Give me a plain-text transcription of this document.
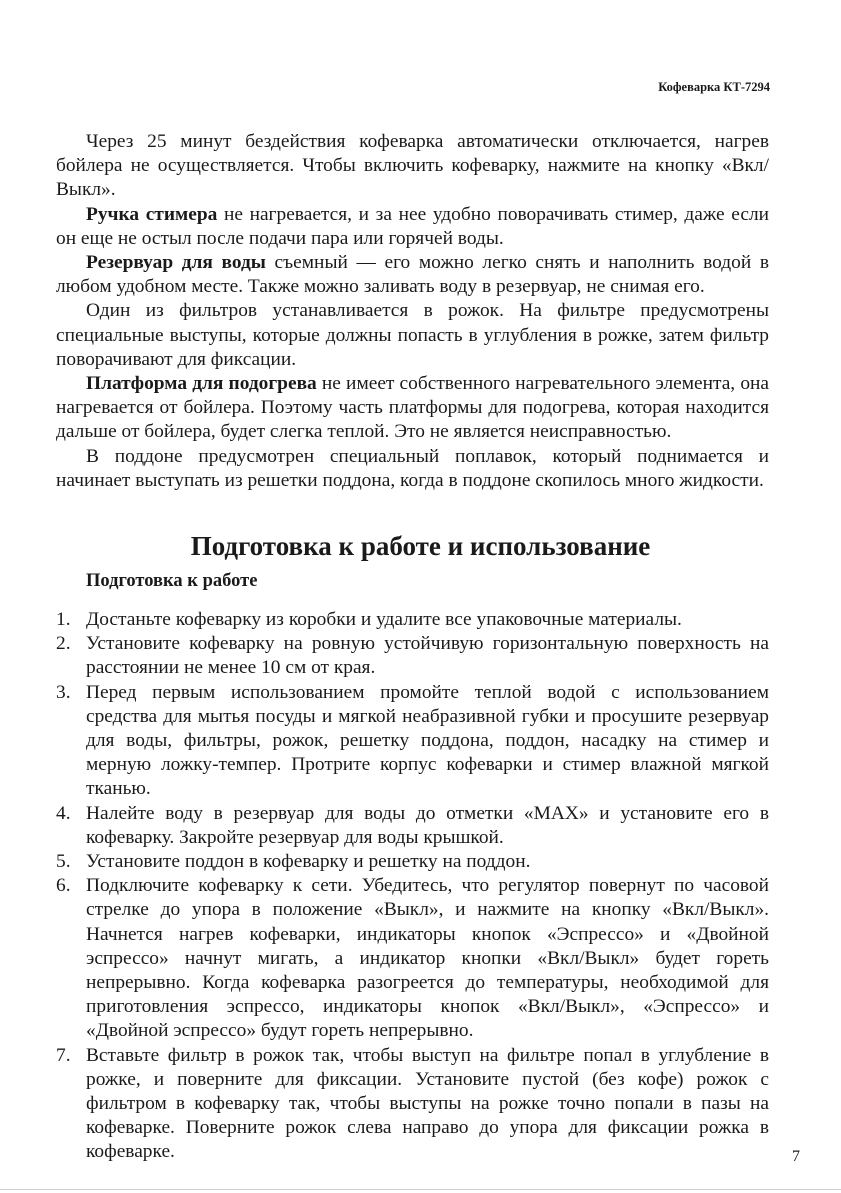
Кофеварка КТ-7294

Через 25 минут бездействия кофеварка автоматически отключается, нагрев бойлера не осуществляется. Чтобы включить кофеварку, нажмите на кнопку «Вкл/Выкл».

Ручка стимера не нагревается, и за нее удобно поворачивать стимер, даже если он еще не остыл после подачи пара или горячей воды.

Резервуар для воды съемный — его можно легко снять и наполнить водой в любом удобном месте. Также можно заливать воду в резервуар, не снимая его.

Один из фильтров устанавливается в рожок. На фильтре предусмотрены специальные выступы, которые должны попасть в углубления в рожке, затем фильтр поворачивают для фиксации.

Платформа для подогрева не имеет собственного нагревательного элемента, она нагревается от бойлера. Поэтому часть платформы для подогрева, которая находится дальше от бойлера, будет слегка теплой. Это не является неисправностью.

В поддоне предусмотрен специальный поплавок, который поднимается и начинает выступать из решетки поддона, когда в поддоне скопилось много жидкости.

Подготовка к работе и использование
Подготовка к работе
1. Достаньте кофеварку из коробки и удалите все упаковочные материалы.
2. Установите кофеварку на ровную устойчивую горизонтальную поверхность на расстоянии не менее 10 см от края.
3. Перед первым использованием промойте теплой водой с использованием средства для мытья посуды и мягкой неабразивной губки и просушите резервуар для воды, фильтры, рожок, решетку поддона, поддон, насадку на стимер и мерную ложку-темпер. Протрите корпус кофеварки и стимер влажной мягкой тканью.
4. Налейте воду в резервуар для воды до отметки «MAX» и установите его в кофеварку. Закройте резервуар для воды крышкой.
5. Установите поддон в кофеварку и решетку на поддон.
6. Подключите кофеварку к сети. Убедитесь, что регулятор повернут по часовой стрелке до упора в положение «Выкл», и нажмите на кнопку «Вкл/Выкл». Начнется нагрев кофеварки, индикаторы кнопок «Эспрессо» и «Двойной эспрессо» начнут мигать, а индикатор кнопки «Вкл/Выкл» будет гореть непрерывно. Когда кофеварка разогреется до температуры, необходимой для приготовления эспрессо, индикаторы кнопок «Вкл/Выкл», «Эспрессо» и «Двойной эспрессо» будут гореть непрерывно.
7. Вставьте фильтр в рожок так, чтобы выступ на фильтре попал в углубление в рожке, и поверните для фиксации. Установите пустой (без кофе) рожок с фильтром в кофеварку так, чтобы выступы на рожке точно попали в пазы на кофеварке. Поверните рожок слева направо до упора для фиксации рожка в кофеварке.	7
